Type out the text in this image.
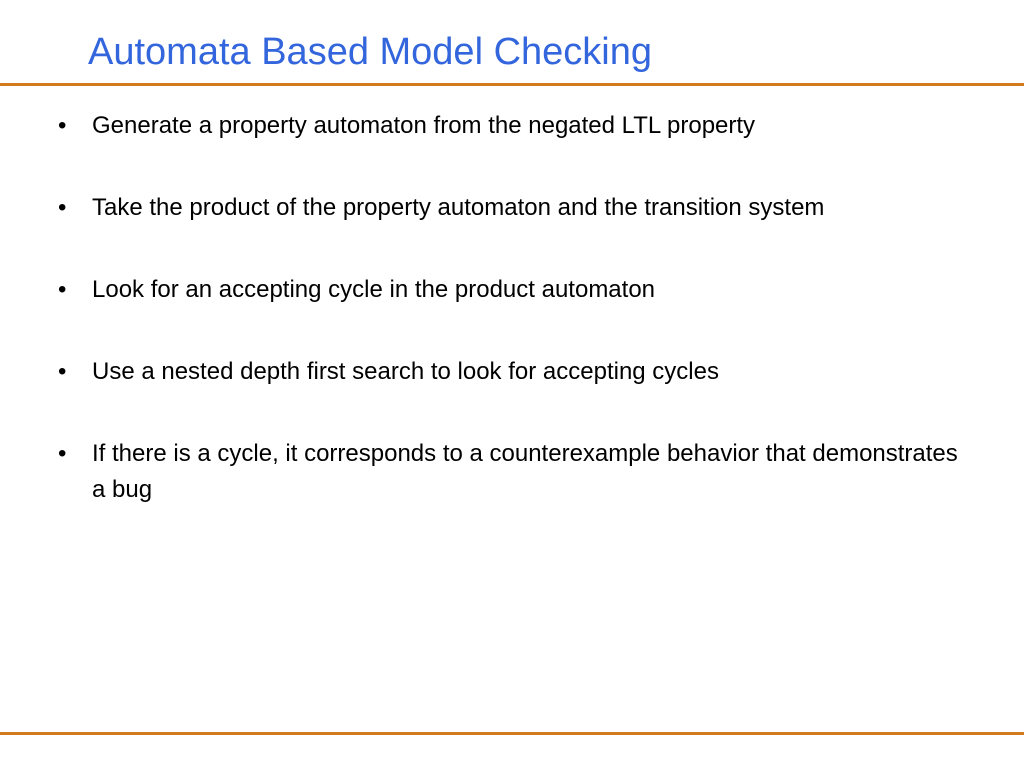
Automata Based Model Checking
•	Generate a property automaton from the negated LTL property
•	Take the product of the property automaton and the transition system
•	Look for an accepting cycle in the product automaton
•	Use a nested depth first search to look for accepting cycles
•	If there is a cycle, it corresponds to a counterexample behavior that demonstrates a bug
